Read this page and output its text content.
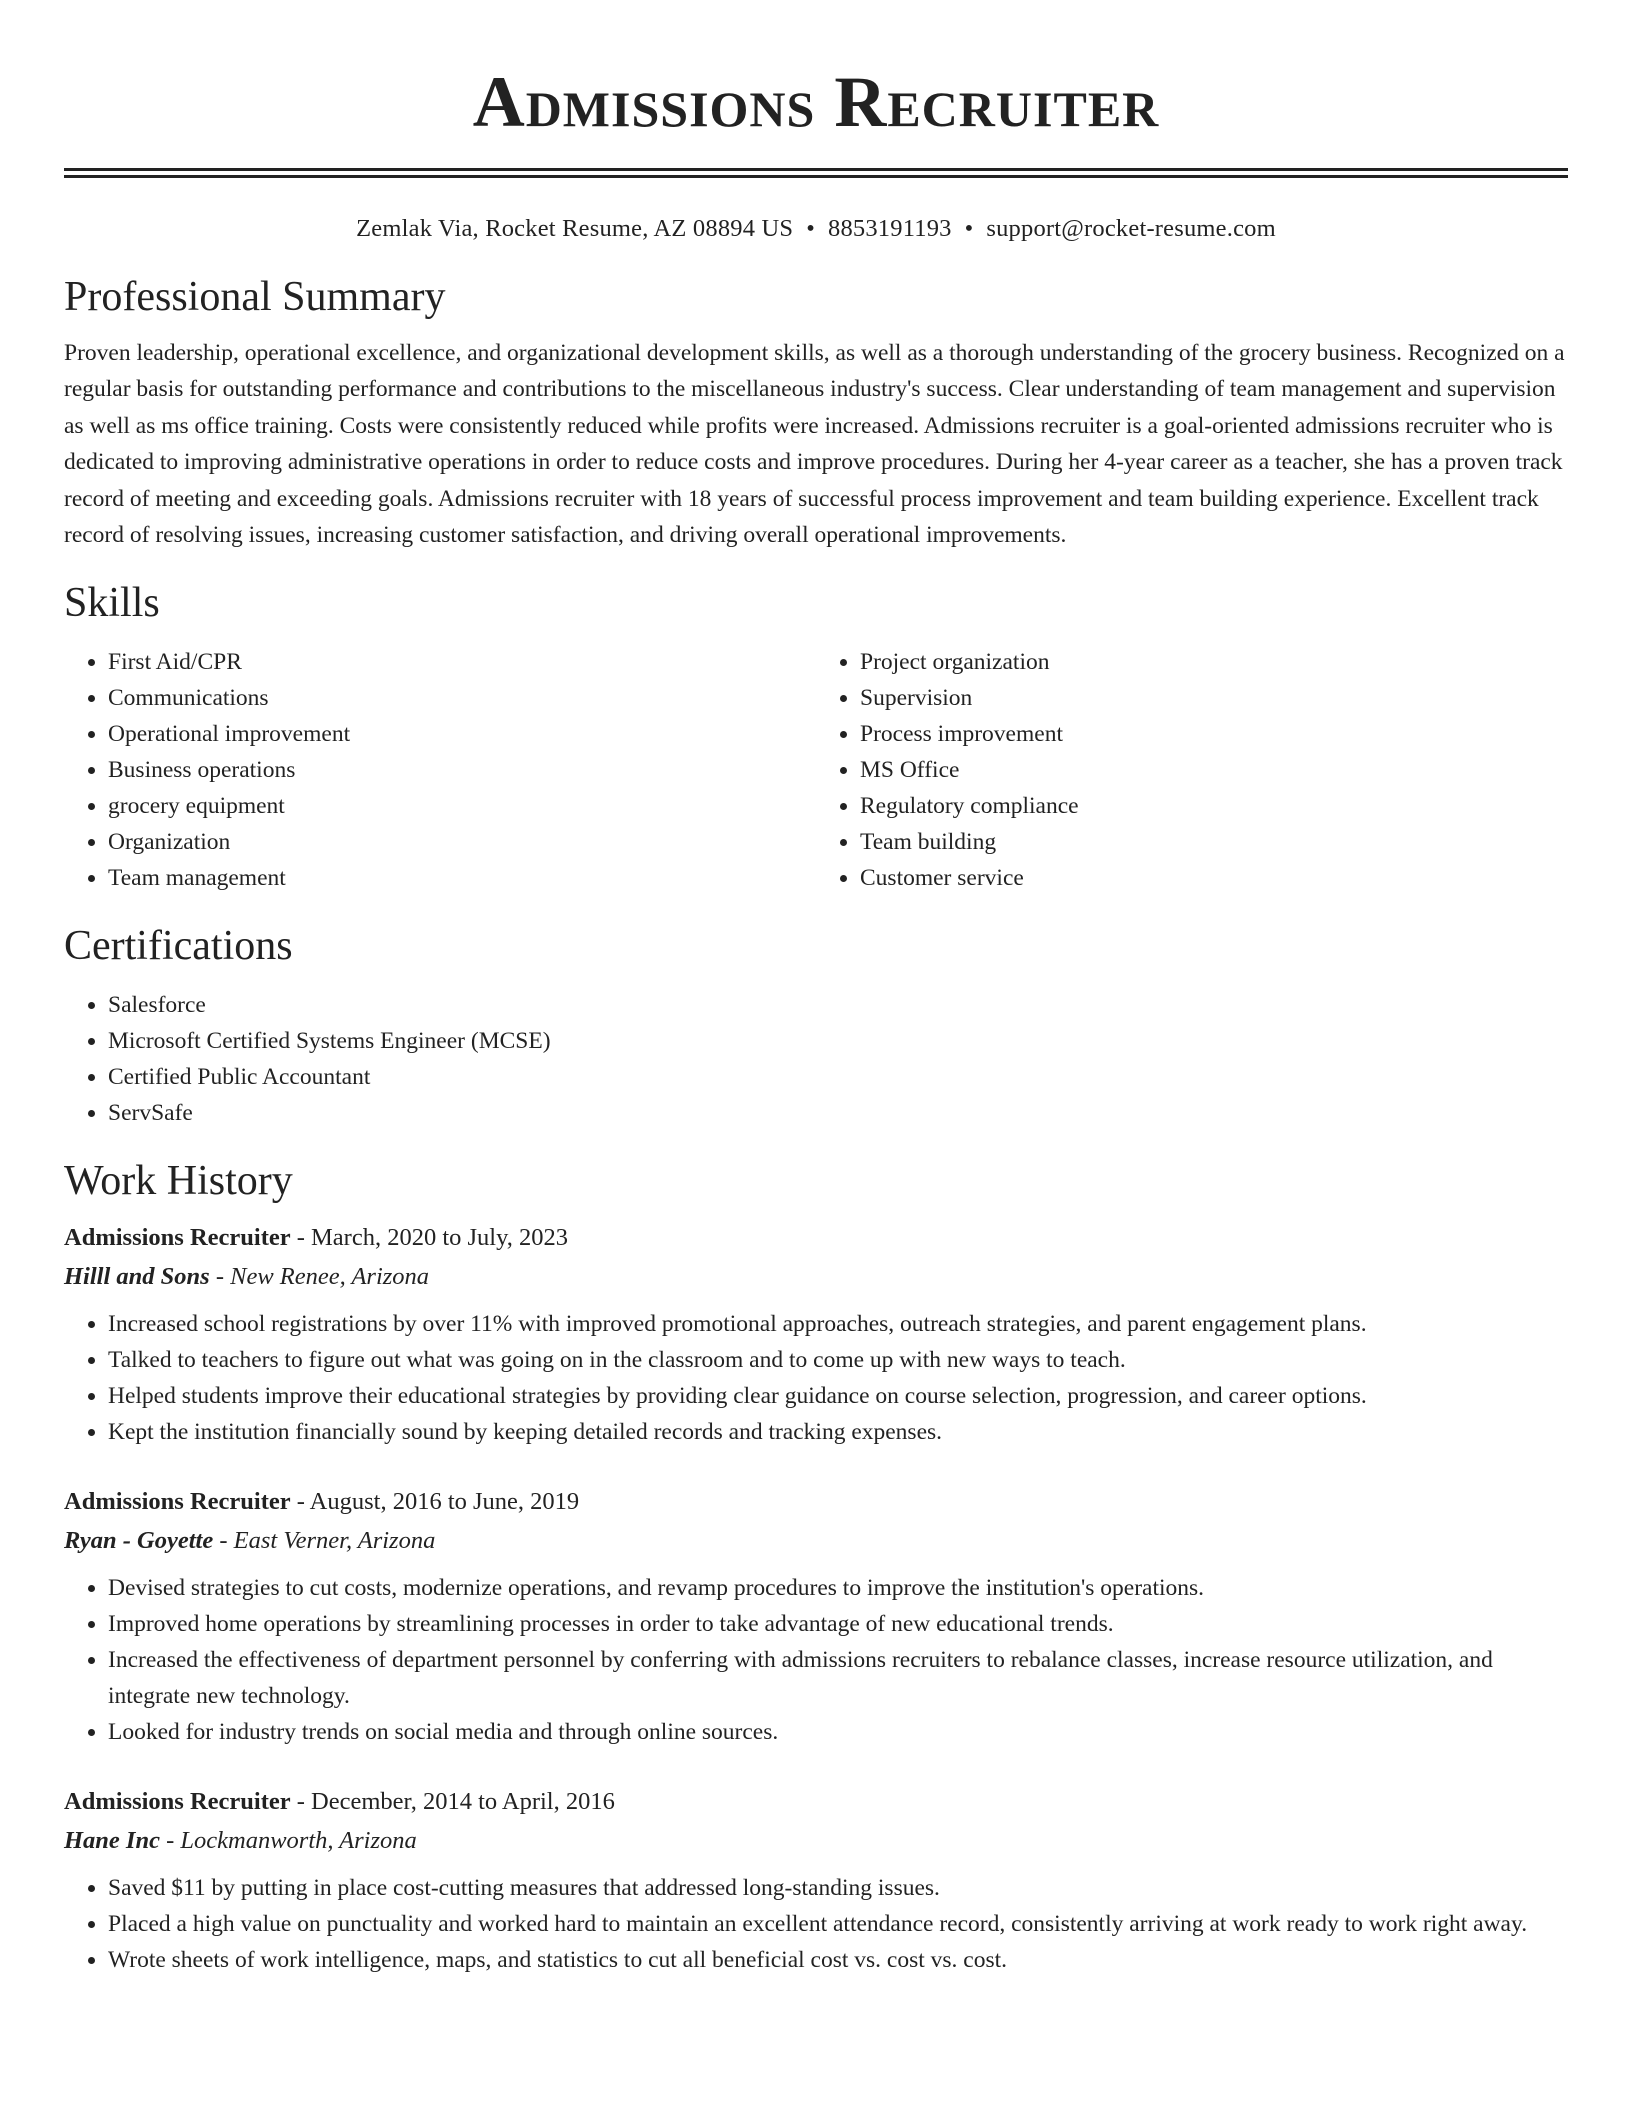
Admissions Recruiter
Zemlak Via, Rocket Resume, AZ 08894 US • 8853191193 • support@rocket-resume.com
Professional Summary

Proven leadership, operational excellence, and organizational development skills, as well as a thorough understanding of the grocery business. Recognized on a regular basis for outstanding performance and contributions to the miscellaneous industry's success. Clear understanding of team management and supervision as well as ms office training. Costs were consistently reduced while profits were increased. Admissions recruiter is a goal-oriented admissions recruiter who is dedicated to improving administrative operations in order to reduce costs and improve procedures. During her 4-year career as a teacher, she has a proven track record of meeting and exceeding goals. Admissions recruiter with 18 years of successful process improvement and team building experience. Excellent track record of resolving issues, increasing customer satisfaction, and driving overall operational improvements.

Skills
• First Aid/CPR
• Communications
• Operational improvement
• Business operations
• grocery equipment
• Organization
• Team management
• Project organization
• Supervision
• Process improvement
• MS Office
• Regulatory compliance
• Team building
• Customer service
Certifications
• Salesforce
• Microsoft Certified Systems Engineer (MCSE)
• Certified Public Accountant
• ServSafe
Work History
Admissions Recruiter - March, 2020 to July, 2023
Hilll and Sons - New Renee, Arizona
• Increased school registrations by over 11% with improved promotional approaches, outreach strategies, and parent engagement plans.
• Talked to teachers to figure out what was going on in the classroom and to come up with new ways to teach.
• Helped students improve their educational strategies by providing clear guidance on course selection, progression, and career options.
• Kept the institution financially sound by keeping detailed records and tracking expenses.
Admissions Recruiter - August, 2016 to June, 2019
Ryan - Goyette - East Verner, Arizona
• Devised strategies to cut costs, modernize operations, and revamp procedures to improve the institution's operations.
• Improved home operations by streamlining processes in order to take advantage of new educational trends.
• Increased the effectiveness of department personnel by conferring with admissions recruiters to rebalance classes, increase resource utilization, and integrate new technology.
• Looked for industry trends on social media and through online sources.
Admissions Recruiter - December, 2014 to April, 2016
Hane Inc - Lockmanworth, Arizona
• Saved $11 by putting in place cost-cutting measures that addressed long-standing issues.
• Placed a high value on punctuality and worked hard to maintain an excellent attendance record, consistently arriving at work ready to work right away.
• Wrote sheets of work intelligence, maps, and statistics to cut all beneficial cost vs. cost vs. cost.
